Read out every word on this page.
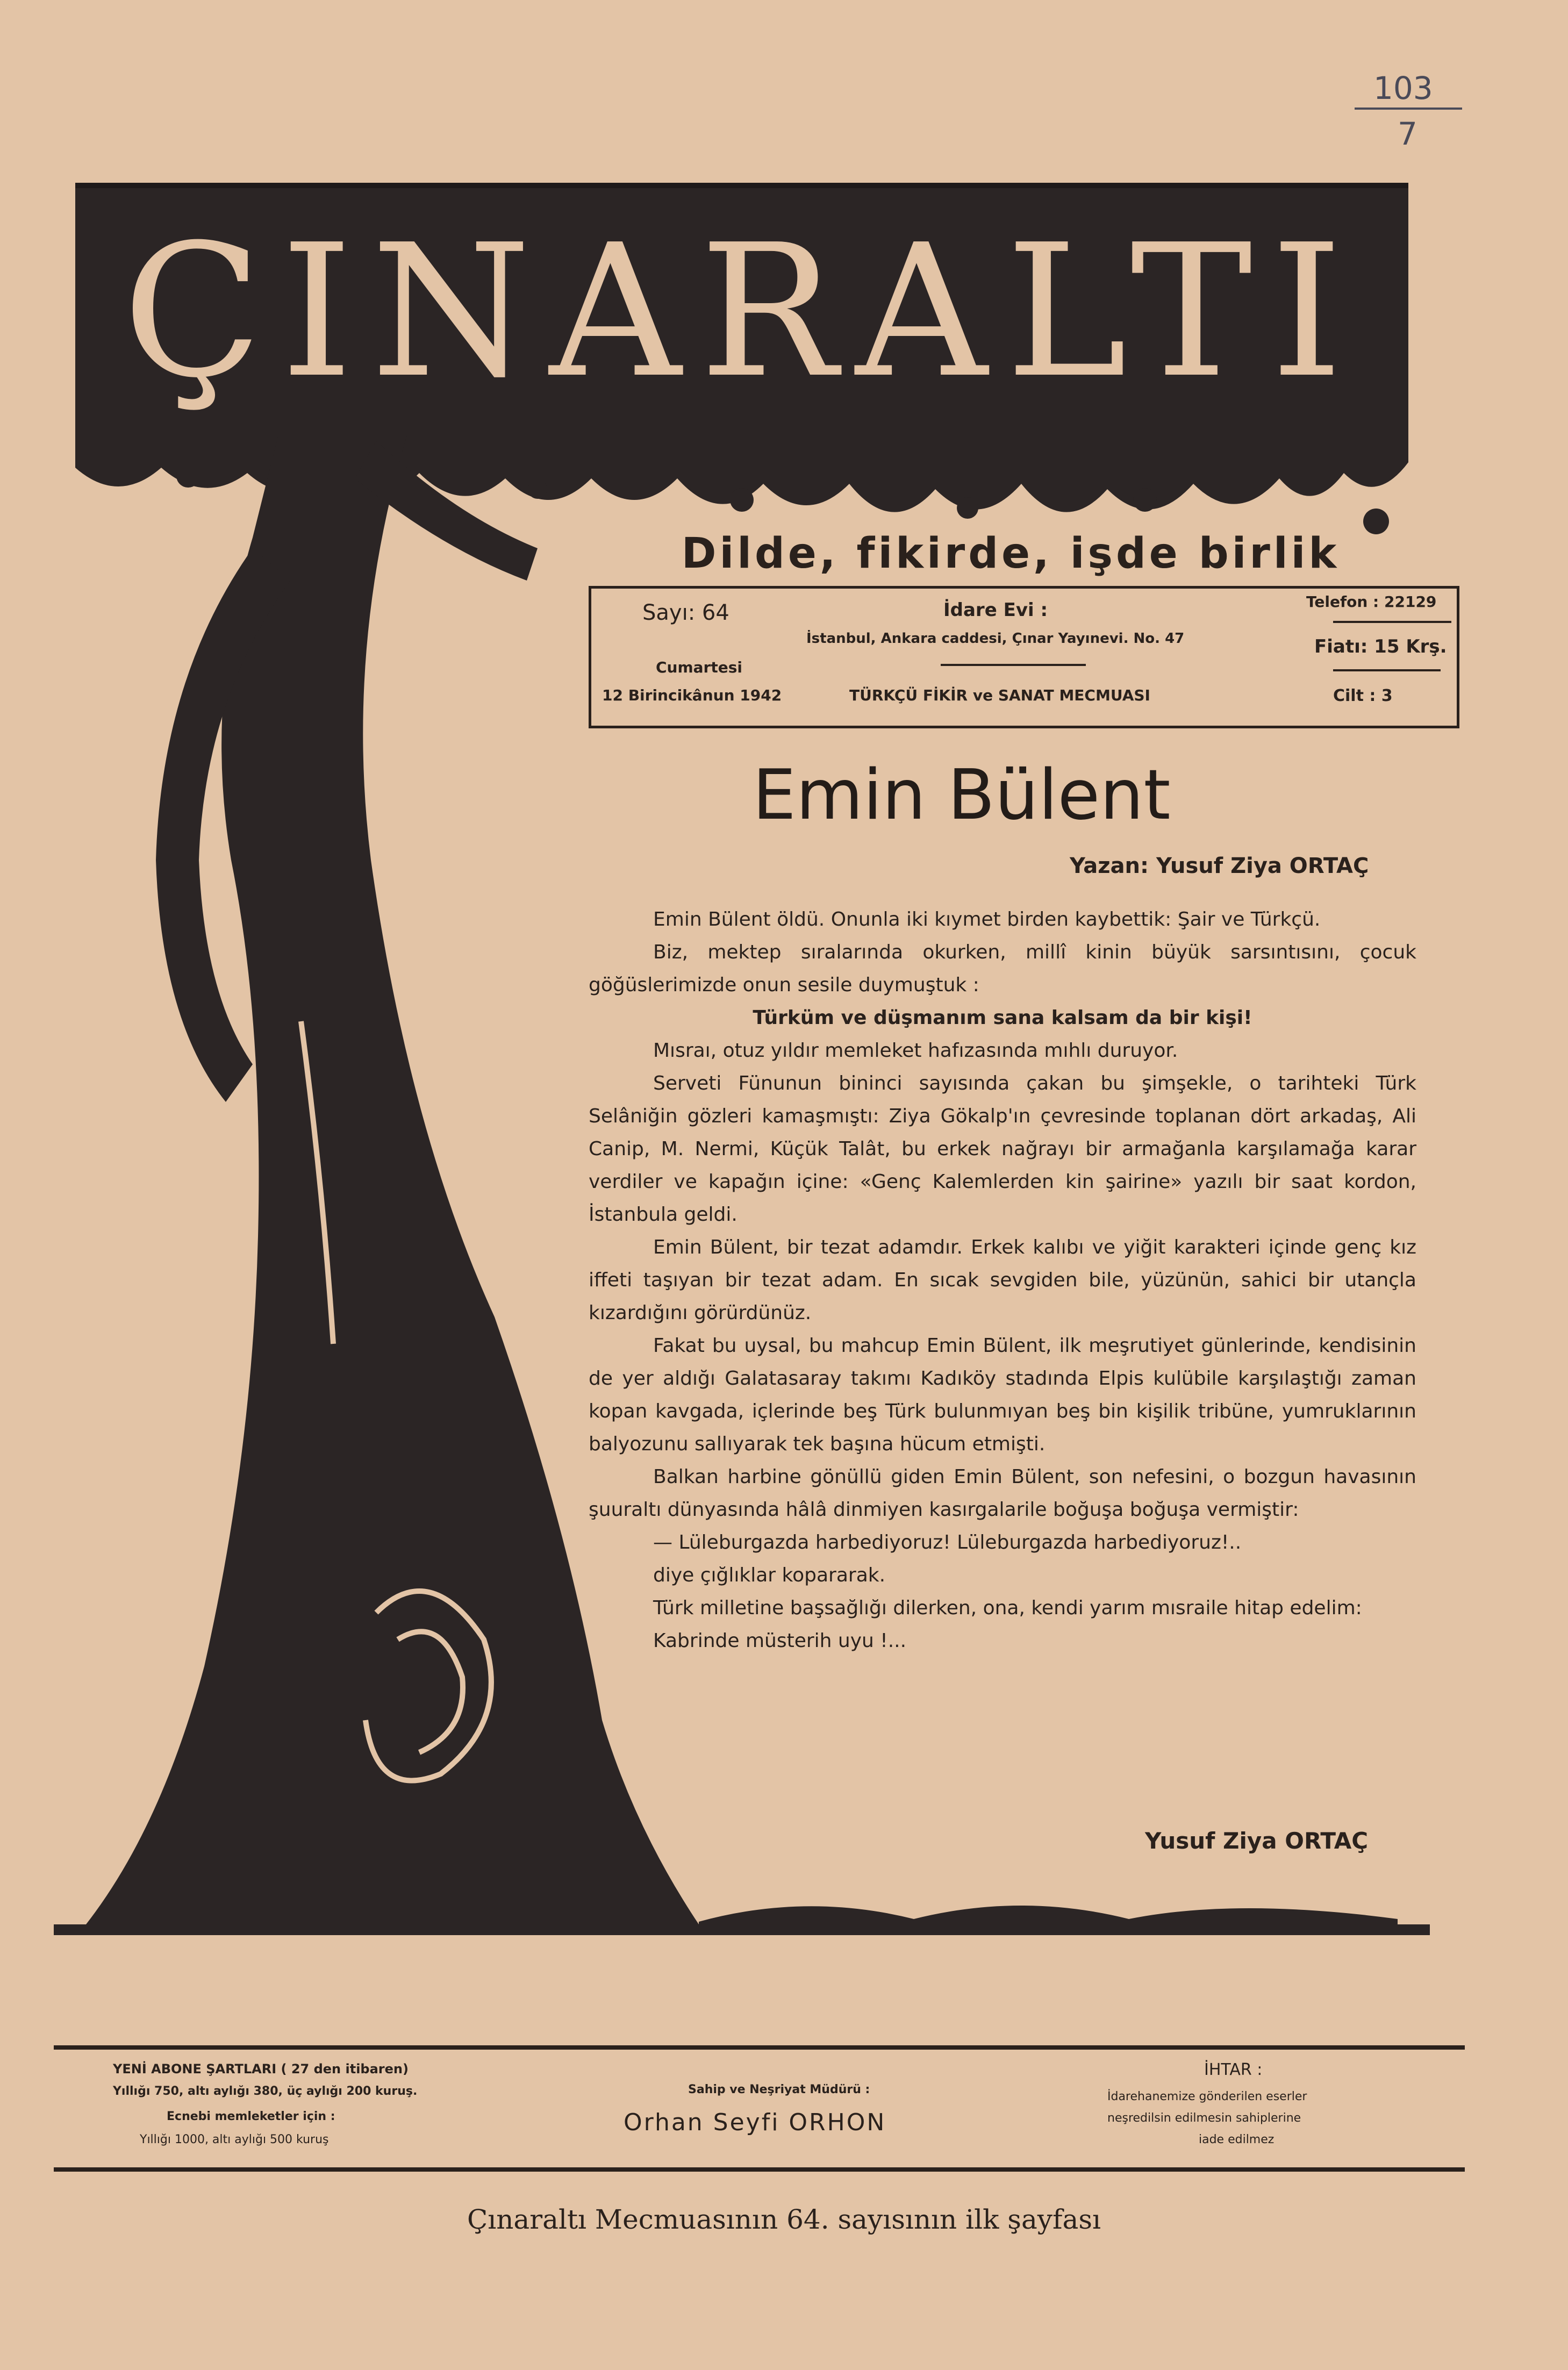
103
7
ÇINARALTI
Dilde, fikirde, işde birlik
Sayı: 64
Cumartesi
12 Birincikânun 1942
İdare Evi :
İstanbul, Ankara caddesi, Çınar Yayınevi. No. 47
TÜRKÇÜ FİKİR ve SANAT MECMUASI
Telefon : 22129
Fiatı: 15 Krş.
Cilt : 3
Emin Bülent
Yazan: Yusuf Ziya ORTAÇ

Emin Bülent öldü. Onunla iki kıymet birden kaybettik: Şair ve Türkçü.

Biz, mektep sıralarında okurken, millî kinin büyük sarsıntısını, çocuk göğüslerimizde onun sesile duymuştuk :

Türküm ve düşmanım sana kalsam da bir kişi!

Mısraı, otuz yıldır memleket hafızasında mıhlı duruyor.

Serveti Fünunun bininci sayısında çakan bu şimşekle, o tarihteki Türk Selâniğin gözleri kamaşmıştı: Ziya Gökalp'ın çevresinde toplanan dört arkadaş, Ali Canip, M. Nermi, Küçük Talât, bu erkek nağrayı bir armağanla karşılamağa karar verdiler ve kapağın içine: «Genç Kalemlerden kin şairine» yazılı bir saat kordon, İstanbula geldi.

Emin Bülent, bir tezat adamdır. Erkek kalıbı ve yiğit karakteri içinde genç kız iffeti taşıyan bir tezat adam. En sıcak sevgiden bile, yüzünün, sahici bir utançla kızardığını görürdünüz.

Fakat bu uysal, bu mahcup Emin Bülent, ilk meşrutiyet günlerinde, kendisinin de yer aldığı Galatasaray takımı Kadıköy stadında Elpis kulübile karşılaştığı zaman kopan kavgada, içlerinde beş Türk bulunmıyan beş bin kişilik tribüne, yumruklarının balyozunu sallıyarak tek başına hücum etmişti.

Balkan harbine gönüllü giden Emin Bülent, son nefesini, o bozgun havasının şuuraltı dünyasında hâlâ dinmiyen kasırgalarile boğuşa boğuşa vermiştir:

— Lüleburgazda harbediyoruz! Lüleburgazda harbediyoruz!..

diye çığlıklar kopararak.

Türk milletine başsağlığı dilerken, ona, kendi yarım mısraile hitap edelim:

Kabrinde müsterih uyu !...

Yusuf Ziya ORTAÇ
YENİ ABONE ŞARTLARI ( 27 den itibaren)
Yıllığı 750, altı aylığı 380, üç aylığı 200 kuruş.
Ecnebi memleketler için :
Yıllığı 1000, altı aylığı 500 kuruş
Sahip ve Neşriyat Müdürü :
Orhan Seyfi ORHON
İHTAR :
İdarehanemize gönderilen eserler
neşredilsin edilmesin sahiplerine
iade edilmez
Çınaraltı Mecmuasının 64. sayısının ilk şayfası
